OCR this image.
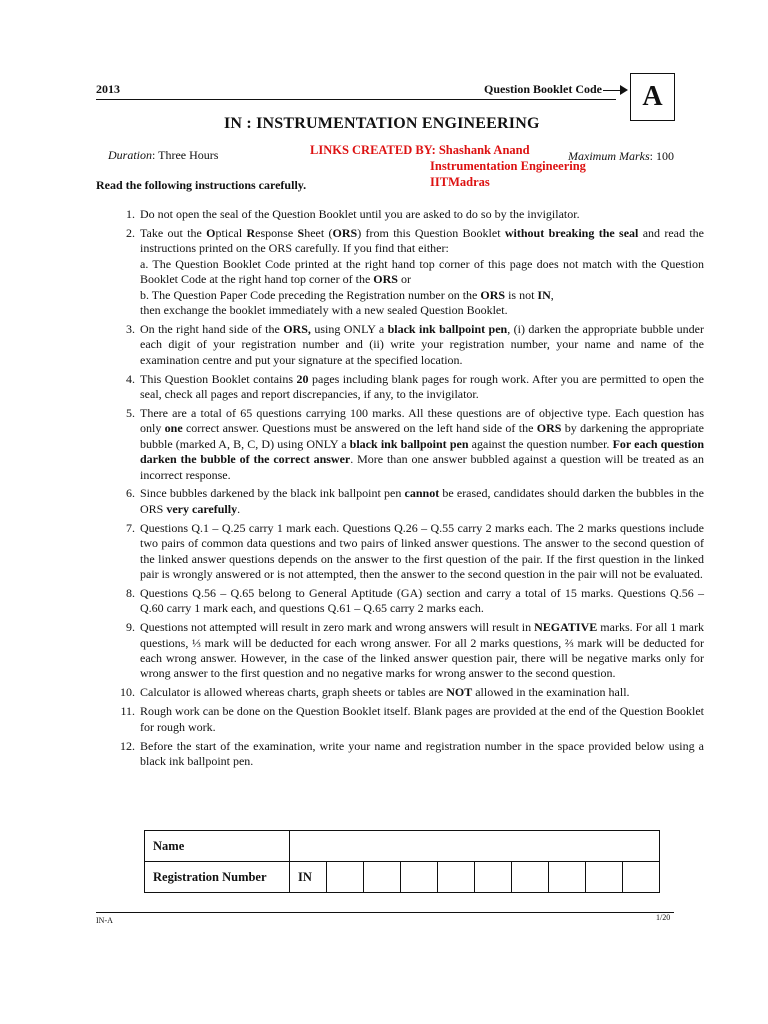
2013	Question Booklet Code	A
IN : INSTRUMENTATION ENGINEERING
Duration: Three Hours	LINKS CREATED BY: Shashank Anand
Instrumentation Engineering
IITMadras
Maximum Marks: 100
Read the following instructions carefully.
1. Do not open the seal of the Question Booklet until you are asked to do so by the invigilator.
2. Take out the Optical Response Sheet (ORS) from this Question Booklet without breaking the seal and read the instructions printed on the ORS carefully. If you find that either:
a. The Question Booklet Code printed at the right hand top corner of this page does not match with the Question Booklet Code at the right hand top corner of the ORS or
b. The Question Paper Code preceding the Registration number on the ORS is not IN,
then exchange the booklet immediately with a new sealed Question Booklet.
3. On the right hand side of the ORS, using ONLY a black ink ballpoint pen, (i) darken the appropriate bubble under each digit of your registration number and (ii) write your registration number, your name and name of the examination centre and put your signature at the specified location.
4. This Question Booklet contains 20 pages including blank pages for rough work. After you are permitted to open the seal, check all pages and report discrepancies, if any, to the invigilator.
5. There are a total of 65 questions carrying 100 marks. All these questions are of objective type. Each question has only one correct answer. Questions must be answered on the left hand side of the ORS by darkening the appropriate bubble (marked A, B, C, D) using ONLY a black ink ballpoint pen against the question number. For each question darken the bubble of the correct answer. More than one answer bubbled against a question will be treated as an incorrect response.
6. Since bubbles darkened by the black ink ballpoint pen cannot be erased, candidates should darken the bubbles in the ORS very carefully.
7. Questions Q.1 – Q.25 carry 1 mark each. Questions Q.26 – Q.55 carry 2 marks each. The 2 marks questions include two pairs of common data questions and two pairs of linked answer questions. The answer to the second question of the linked answer questions depends on the answer to the first question of the pair. If the first question in the linked pair is wrongly answered or is not attempted, then the answer to the second question in the pair will not be evaluated.
8. Questions Q.56 – Q.65 belong to General Aptitude (GA) section and carry a total of 15 marks. Questions Q.56 – Q.60 carry 1 mark each, and questions Q.61 – Q.65 carry 2 marks each.
9. Questions not attempted will result in zero mark and wrong answers will result in NEGATIVE marks. For all 1 mark questions, ⅓ mark will be deducted for each wrong answer. For all 2 marks questions, ⅔ mark will be deducted for each wrong answer. However, in the case of the linked answer question pair, there will be negative marks only for wrong answer to the first question and no negative marks for wrong answer to the second question.
10. Calculator is allowed whereas charts, graph sheets or tables are NOT allowed in the examination hall.
11. Rough work can be done on the Question Booklet itself. Blank pages are provided at the end of the Question Booklet for rough work.
12. Before the start of the examination, write your name and registration number in the space provided below using a black ink ballpoint pen.
Name										
Registration Number	IN									
IN-A	1/20
